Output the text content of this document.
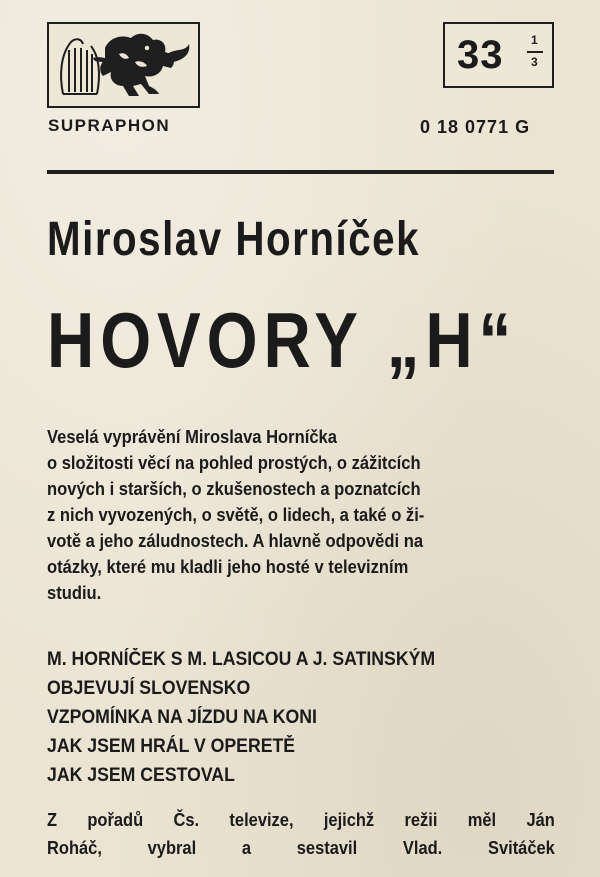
SUPRAPHON
33 1
3
0 18 0771 G
Miroslav Horníček
HOVORY „H“
Veselá vyprávění Miroslava Horníčka
o složitosti věcí na pohled prostých, o zážitcích
nových i starších, o zkušenostech a poznatcích
z nich vyvozených, o světě, o lidech, a také o ži-
votě a jeho záludnostech. A hlavně odpovědi na
otázky, které mu kladli jeho hosté v televizním
studiu.
M. HORNÍČEK S M. LASICOU A J. SATINSKÝM
OBJEVUJÍ SLOVENSKO
VZPOMÍNKA NA JÍZDU NA KONI
JAK JSEM HRÁL V OPERETĚ
JAK JSEM CESTOVAL
Z pořadů Čs. televize, jejichž režii měl Ján
Roháč, vybral a sestavil Vlad. Svitáček
